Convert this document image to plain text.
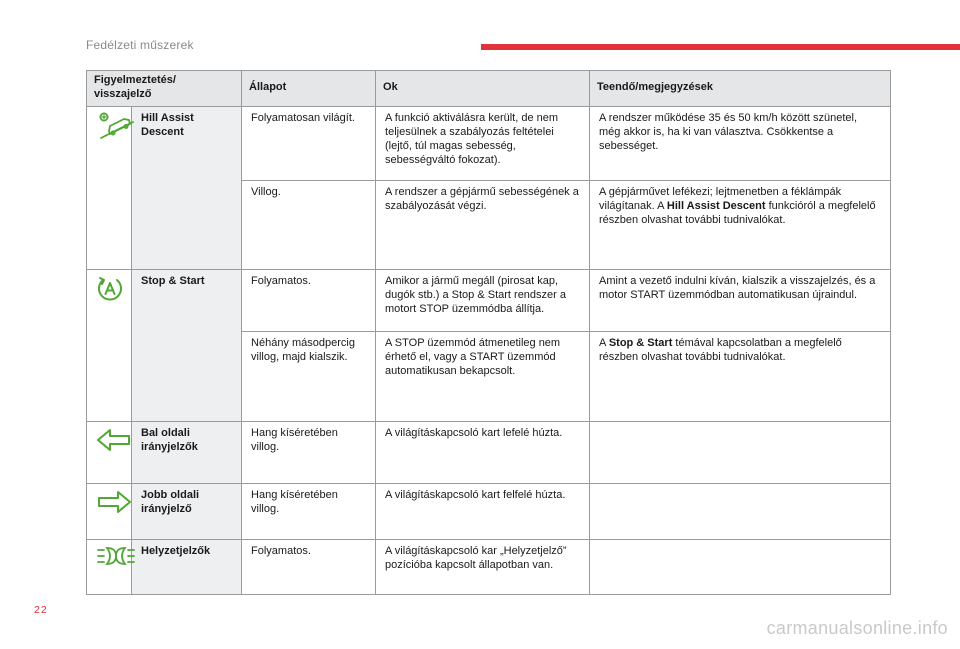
Fedélzeti műszerek
Figyelmeztetés/ visszajelző		Állapot	Ok	Teendő/megjegyzések

	Hill Assist Descent	Folyamatosan világít.	A funkció aktiválásra került, de nem teljesülnek a szabályozás feltételei (lejtő, túl magas sebesség, sebességváltó fokozat).	A rendszer működése 35 és 50 km/h között szünetel, még akkor is, ha ki van választva. Csökkentse a sebességet.
		Villog.	A rendszer a gépjármű sebességének a szabályozását végzi.	A gépjárművet lefékezi; lejtmenetben a féklámpák világítanak. A Hill Assist Descent funkcióról a megfelelő részben olvashat további tudnivalókat.

	Stop & Start	Folyamatos.	Amikor a jármű megáll (pirosat kap, dugók stb.) a Stop & Start rendszer a motort STOP üzemmódba állítja.	Amint a vezető indulni kíván, kialszik a visszajelzés, és a motor START üzemmódban automatikusan újraindul.
		Néhány másodpercig villog, majd kialszik.	A STOP üzemmód átmenetileg nem érhető el, vagy a START üzemmód automatikusan bekapcsolt.	A Stop & Start témával kapcsolatban a megfelelő részben olvashat további tudnivalókat.

	Bal oldali irányjelzők	Hang kíséretében villog.	A világításkapcsoló kart lefelé húzta.	

	Jobb oldali irányjelző	Hang kíséretében villog.	A világításkapcsoló kart felfelé húzta.	

	Helyzetjelzők	Folyamatos.	A világításkapcsoló kar „Helyzetjelző” pozícióba kapcsolt állapotban van.	
22
carmanualsonline.info
